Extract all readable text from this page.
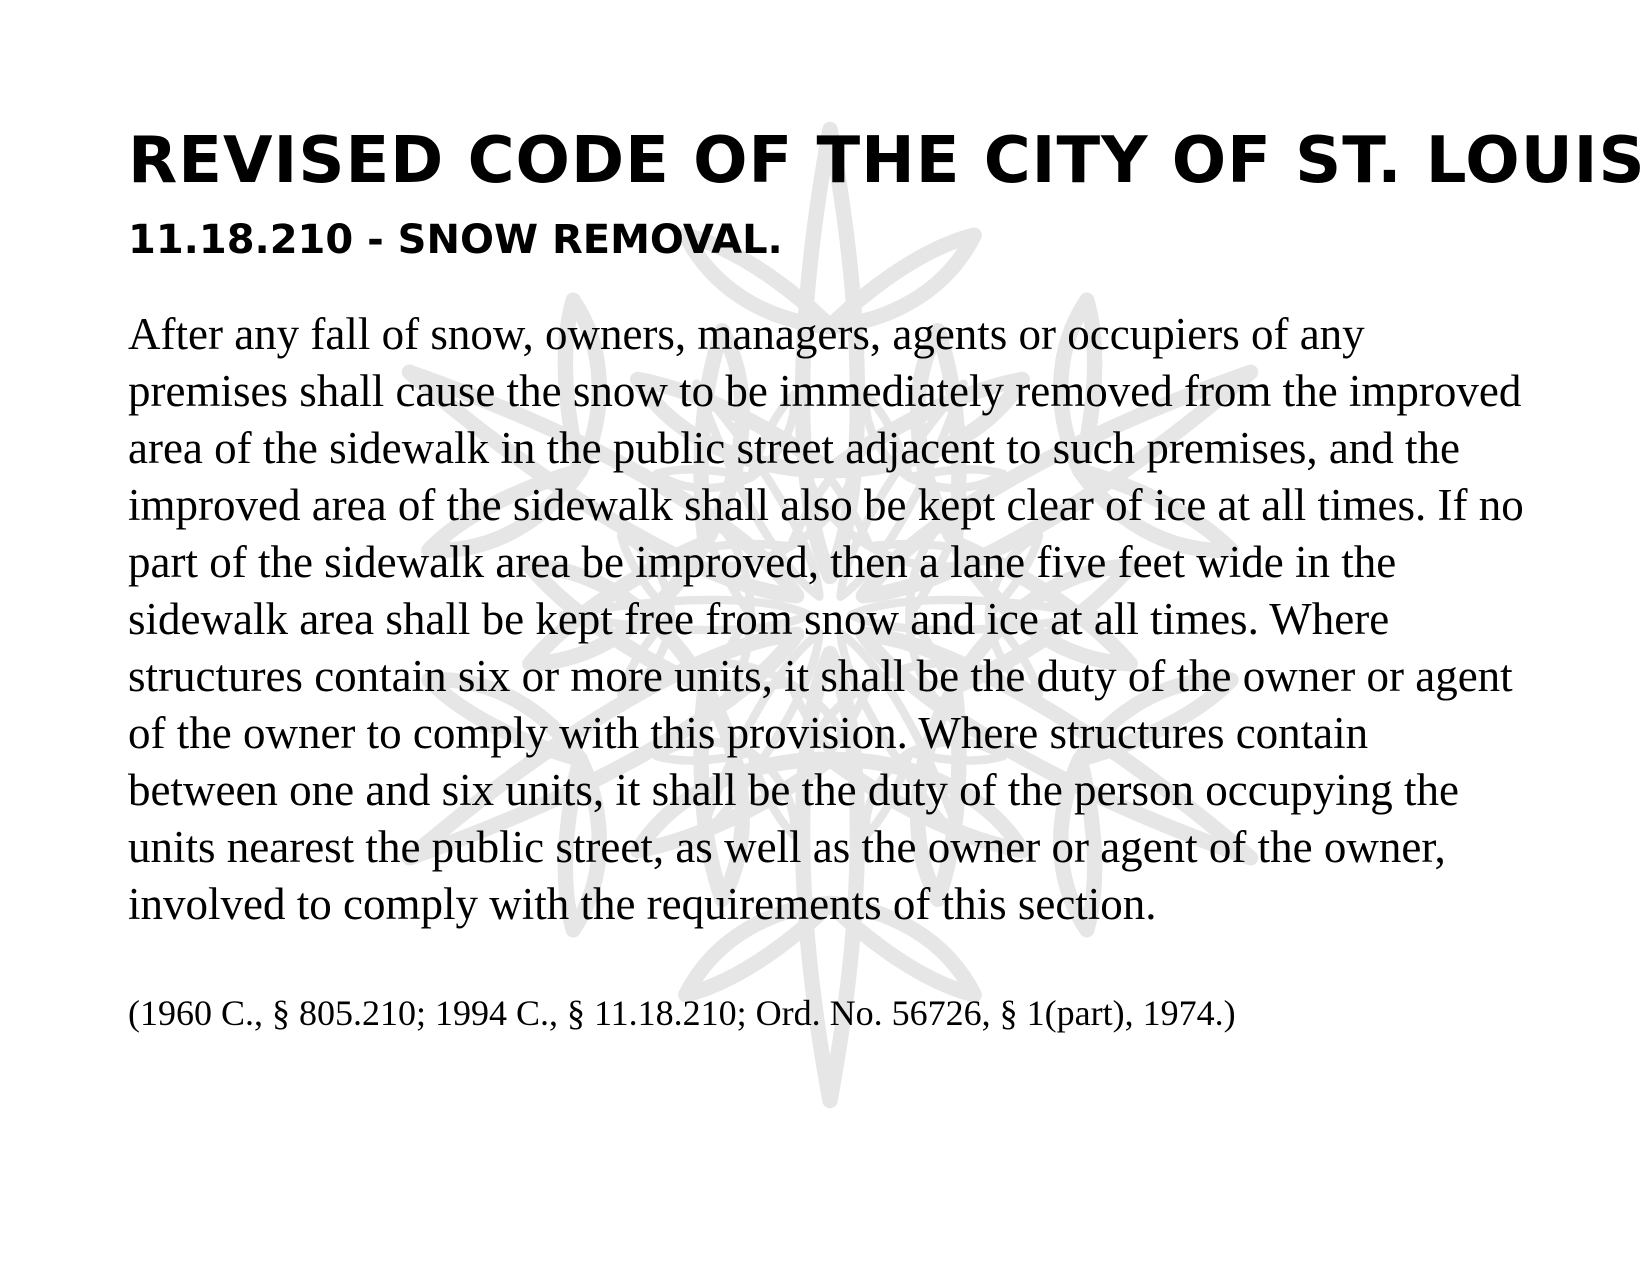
REVISED CODE OF THE CITY OF ST. LOUIS
11.18.210 - SNOW REMOVAL.

After any fall of snow, owners, managers, agents or occupiers of any premises shall cause the snow to be immediately removed from the improved area of the sidewalk in the public street adjacent to such premises, and the improved area of the sidewalk shall also be kept clear of ice at all times. If no part of the sidewalk area be improved, then a lane five feet wide in the sidewalk area shall be kept free from snow and ice at all times. Where structures contain six or more units, it shall be the duty of the owner or agent of the owner to comply with this provision. Where structures contain between one and six units, it shall be the duty of the person occupying the units nearest the public street, as well as the owner or agent of the owner, involved to comply with the requirements of this section.

(1960 C., § 805.210; 1994 C., § 11.18.210; Ord. No. 56726, § 1(part), 1974.)
